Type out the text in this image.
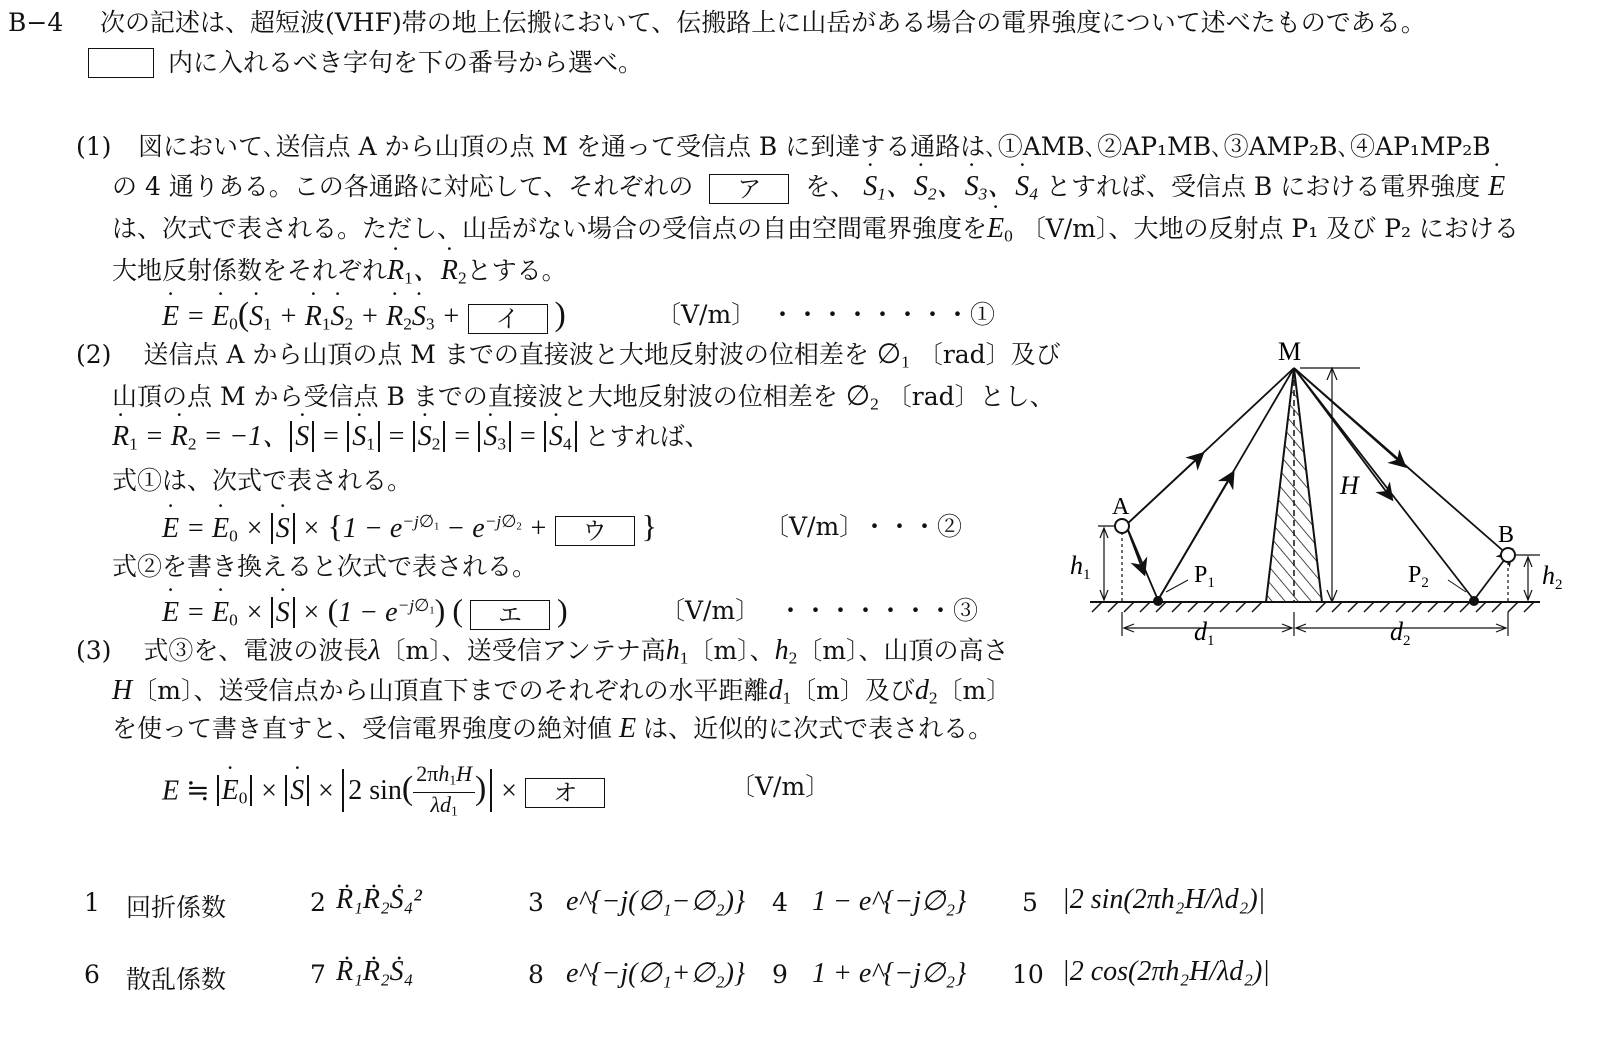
B−4 次の記述は、超短波(VHF)帯の地上伝搬において、伝搬路上に山岳がある場合の電界強度について述べたものである。
内に入れるべき字句を下の番号から選べ。
(1) 図において､送信点 A から山頂の点 M を通って受信点 B に到達する通路は､①AMB､②AP₁MB､③AMP₂B､④AP₁MP₂B
の 4 通りある。この各通路に対応して、それぞれの ア を、 S $˙_1$、S $˙_2$、S $˙_3$、S $˙_4$ とすれば、受信点 B における電界強度 E ˙
は、次式で表される。ただし、山岳がない場合の受信点の自由空間電界強度をE $˙_0$ 〔V/m〕、大地の反射点 P₁ 及び P₂ における
大地反射係数をそれぞれR $˙_1$、R $˙_2$とする。
E ˙ = E $˙_0(S$ $˙_1 + R$ $˙_1S$ $˙_2 + R$ $˙_2S$ $˙_3$ + イ )	〔V/m〕 ・・・・・・・・①
(2) 送信点 A から山頂の点 M までの直接波と大地反射波の位相差を $\emptyset_1$ 〔rad〕及び
山頂の点 M から受信点 B までの直接波と大地反射波の位相差を $\emptyset_2$ 〔rad〕とし、
R $˙_1 = R$ $˙_2 = -1$、 S ˙ = S $˙_1 = S$ $˙_2 = S$ $˙_3 = S$ $˙_4$ とすれば、
式①は、次式で表される。
E ˙ = E $˙_0 \times S$ ˙ × {$1 - e^{-j\emptyset_1} - e^{-j\emptyset_2}$ + ウ }	〔V/m〕
・・・②
式②を書き換えると次式で表される。
E ˙ = E $˙_0 \times S$ ˙ × $(1 - e^{-j\emptyset_1})$ ( エ )	〔V/m〕 ・・・・・・・③
(3) 式③を、電波の波長λ〔m〕、送受信アンテナ高$h_1$〔m〕、$h_2$〔m〕、山頂の高さ
H〔m〕、送受信点から山頂直下までのそれぞれの水平距離$d_1$〔m〕及び$d_2$〔m〕
を使って書き直すと、受信電界強度の絶対値 E は、近似的に次式で表される。
E ≒ E $˙_0 \times S$ ˙ × 2 $\sin( \frac{2\pi h_1H}{\lambda d_1}$ ) × オ	〔V/m〕
1 回折係数	2 Ṙ₁Ṙ₂Ṡ₄²	3 e^{−j(∅₁−∅₂)} 4 1 − e^{−j∅₂} 5 |2 sin(2πh₂H/λd₂)|
6 散乱係数	7 Ṙ₁Ṙ₂Ṡ₄	8 e^{−j(∅₁+∅₂)} 9 1 + e^{−j∅₂} 10 |2 cos(2πh₂H/λd₂)|
M
A
B
H
$P_1$	$P_2$
h1	h2
d1	d2
